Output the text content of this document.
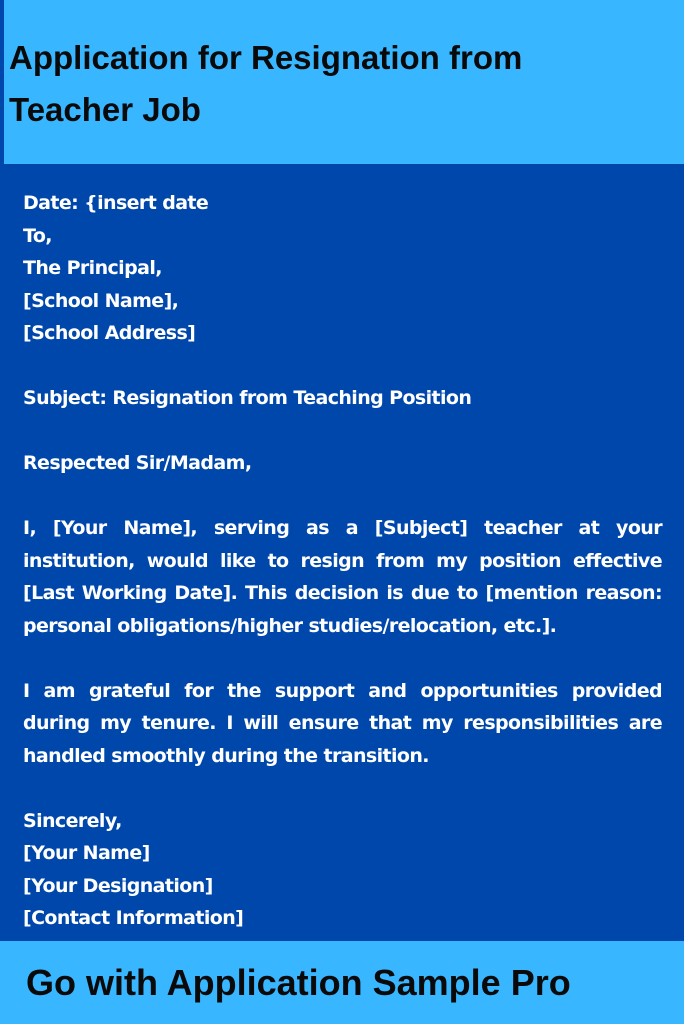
Application for Resignation from Teacher Job
Date: {insert date
To,
The Principal,
[School Name],
[School Address]
Subject: Resignation from Teaching Position
Respected Sir/Madam,
I, [Your Name], serving as a [Subject] teacher at your institution, would like to resign from my position effective [Last Working Date]. This decision is due to [mention reason: personal obligations/higher studies/relocation, etc.].
I am grateful for the support and opportunities provided during my tenure. I will ensure that my responsibilities are handled smoothly during the transition.
Sincerely,
[Your Name]
[Your Designation]
[Contact Information]

Go with Application Sample Pro
